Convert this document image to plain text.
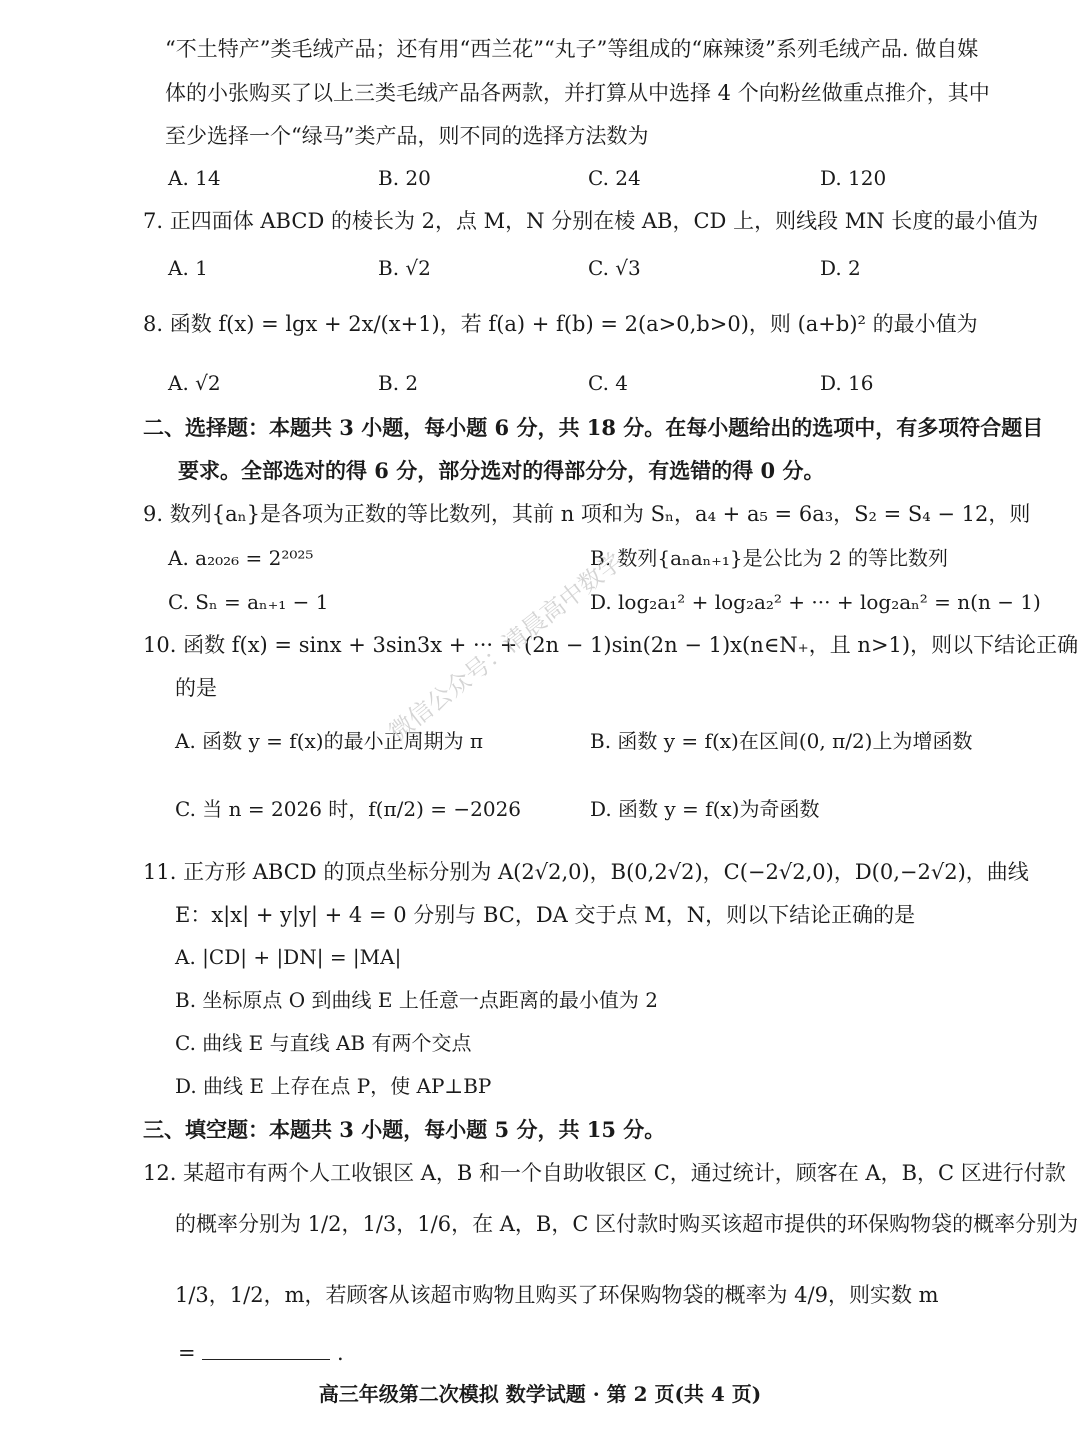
“不土特产”类毛绒产品；还有用“西兰花”“丸子”等组成的“麻辣烫”系列毛绒产品. 做自媒
体的小张购买了以上三类毛绒产品各两款，并打算从中选择 4 个向粉丝做重点推介，其中
至少选择一个“绿马”类产品，则不同的选择方法数为
A. 14	B. 20	C. 24	D. 120
7. 正四面体 ABCD 的棱长为 2，点 M，N 分别在棱 AB，CD 上，则线段 MN 长度的最小值为
A. 1	B. √2	C. √3	D. 2
8. 函数 f(x) = lgx + 2x/(x+1)，若 f(a) + f(b) = 2(a>0,b>0)，则 (a+b)² 的最小值为
A. √2	B. 2	C. 4	D. 16
二、选择题：本题共 3 小题，每小题 6 分，共 18 分。在每小题给出的选项中，有多项符合题目
要求。全部选对的得 6 分，部分选对的得部分分，有选错的得 0 分。
9. 数列{aₙ}是各项为正数的等比数列，其前 n 项和为 Sₙ，a₄ + a₅ = 6a₃，S₂ = S₄ − 12，则
A. a₂₀₂₆ = 2²⁰²⁵	B. 数列{aₙaₙ₊₁}是公比为 2 的等比数列
C. Sₙ = aₙ₊₁ − 1	D. log₂a₁² + log₂a₂² + ··· + log₂aₙ² = n(n − 1)
10. 函数 f(x) = sinx + 3sin3x + ··· + (2n − 1)sin(2n − 1)x(n∈N₊，且 n>1)，则以下结论正确
的是
A. 函数 y = f(x)的最小正周期为 π	B. 函数 y = f(x)在区间(0, π/2)上为增函数
C. 当 n = 2026 时，f(π/2) = −2026	D. 函数 y = f(x)为奇函数
11. 正方形 ABCD 的顶点坐标分别为 A(2√2,0)，B(0,2√2)，C(−2√2,0)，D(0,−2√2)，曲线
E：x|x| + y|y| + 4 = 0 分别与 BC，DA 交于点 M，N，则以下结论正确的是
A. |CD| + |DN| = |MA|
B. 坐标原点 O 到曲线 E 上任意一点距离的最小值为 2
C. 曲线 E 与直线 AB 有两个交点
D. 曲线 E 上存在点 P，使 AP⊥BP
三、填空题：本题共 3 小题，每小题 5 分，共 15 分。
12. 某超市有两个人工收银区 A，B 和一个自助收银区 C，通过统计，顾客在 A，B，C 区进行付款
的概率分别为 1/2，1/3，1/6，在 A，B，C 区付款时购买该超市提供的环保购物袋的概率分别为
1/3，1/2，m，若顾客从该超市购物且购买了环保购物袋的概率为 4/9，则实数 m
=	.
微信公众号：清晨高中数学
高三年级第二次模拟 数学试题 · 第 2 页(共 4 页)
